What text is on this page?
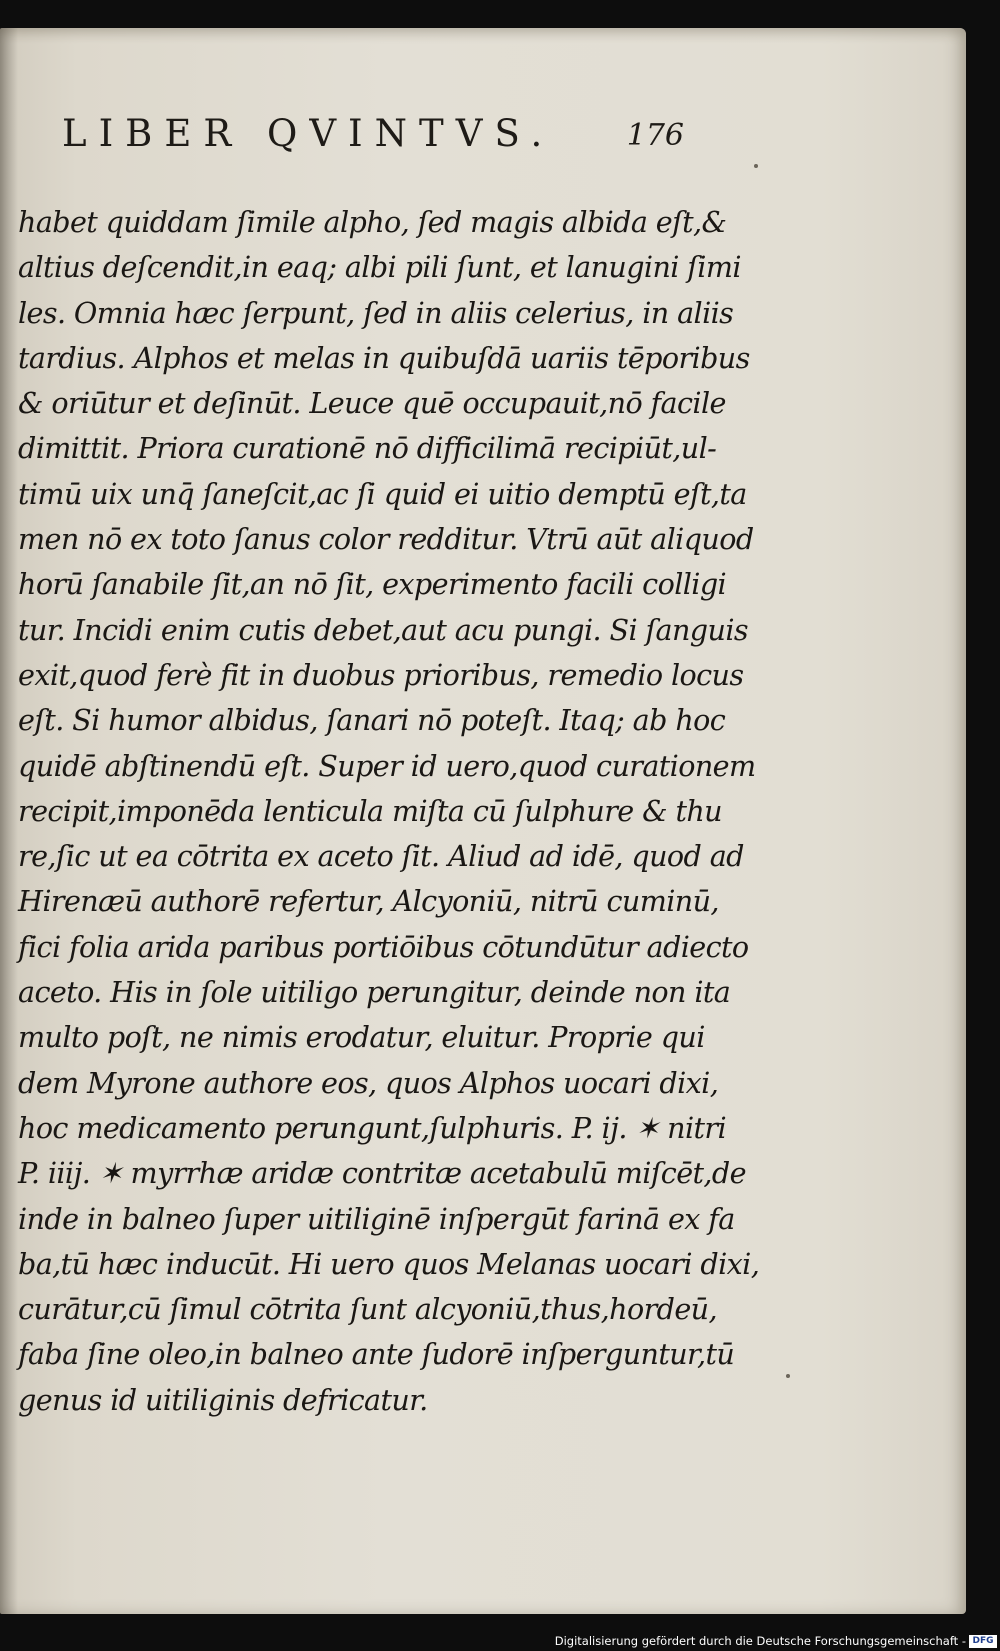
LIBER QVINTVS. 176
habet quiddam ſimile alpho, ſed magis albida eſt,&
altius deſcendit,in eaq; albi pili ſunt, et lanugini ſimi
les. Omnia hæc ſerpunt, ſed in aliis celerius, in aliis
tardius. Alphos et melas in quibuſdā uariis tēporibus
& oriūtur et deſinūt. Leuce quē occupauit,nō facile
dimittit. Priora curationē nō difficilimā recipiūt,ul-
timū uix unq̄ ſaneſcit,ac ſi quid ei uitio demptū eſt,ta
men nō ex toto ſanus color redditur. Vtrū aūt aliquod
horū ſanabile ſit,an nō ſit, experimento facili colligi
tur. Incidi enim cutis debet,aut acu pungi. Si ſanguis
exit,quod ferè fit in duobus prioribus, remedio locus
eſt. Si humor albidus, ſanari nō poteſt. Itaq; ab hoc
quidē abſtinendū eſt. Super id uero,quod curationem
recipit,imponēda lenticula miſta cū ſulphure & thu
re,ſic ut ea cōtrita ex aceto ſit. Aliud ad idē, quod ad
Hirenæū authorē refertur, Alcyoniū, nitrū cuminū,
fici folia arida paribus portiōibus cōtundūtur adiecto
aceto. His in ſole uitiligo perungitur, deinde non ita
multo poſt, ne nimis erodatur, eluitur. Proprie qui
dem Myrone authore eos, quos Alphos uocari dixi,
hoc medicamento perungunt,ſulphuris. P. ij. ✶ nitri
P. iiij. ✶ myrrhæ aridæ contritæ acetabulū miſcēt,de
inde in balneo ſuper uitiliginē inſpergūt farinā ex fa
ba,tū hæc inducūt. Hi uero quos Melanas uocari dixi,
curātur,cū ſimul cōtrita ſunt alcyoniū,thus,hordeū,
faba ſine oleo,in balneo ante ſudorē inſperguntur,tū
genus id uitiliginis defricatur.
Digitalisierung gefördert durch die Deutsche Forschungsgemeinschaft - DFG
